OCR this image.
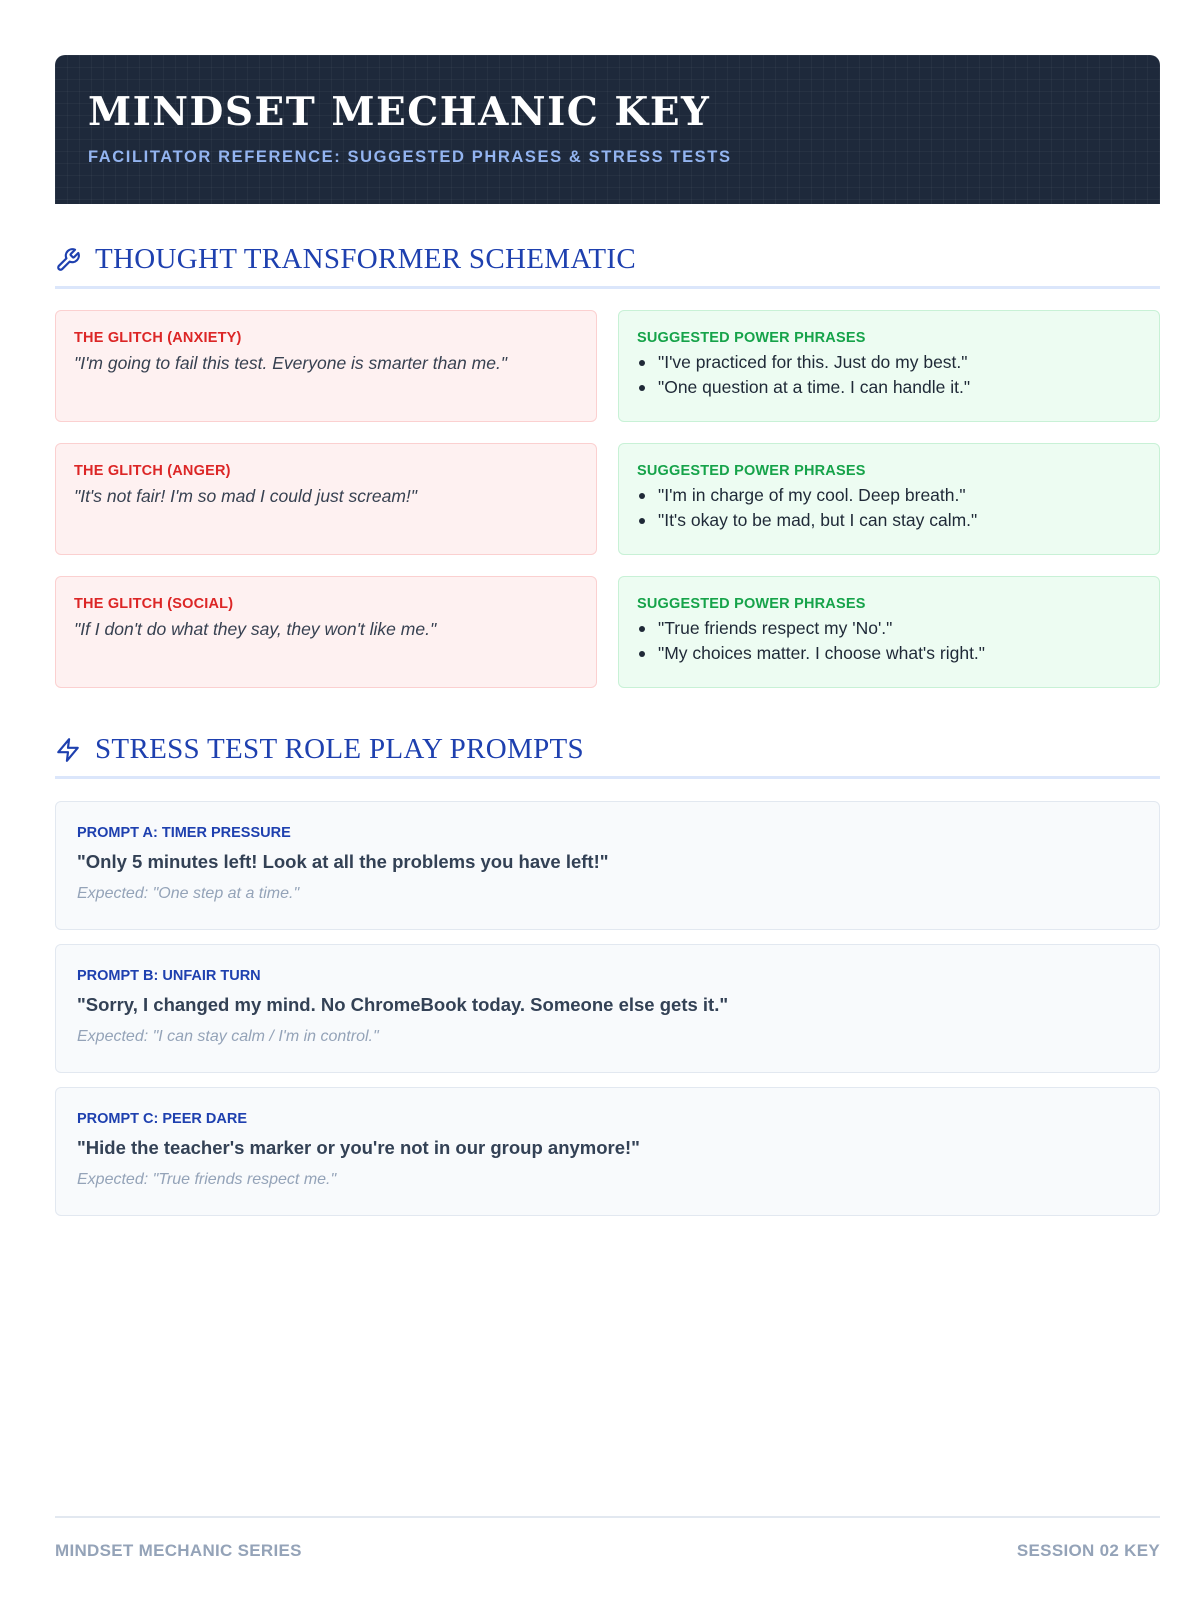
MINDSET MECHANIC KEY
FACILITATOR REFERENCE: SUGGESTED PHRASES & STRESS TESTS
THOUGHT TRANSFORMER SCHEMATIC
THE GLITCH (ANXIETY)
"I'm going to fail this test. Everyone is smarter than me."
SUGGESTED POWER PHRASES
"I've practiced for this. Just do my best."
"One question at a time. I can handle it."
THE GLITCH (ANGER)
"It's not fair! I'm so mad I could just scream!"
SUGGESTED POWER PHRASES
"I'm in charge of my cool. Deep breath."
"It's okay to be mad, but I can stay calm."
THE GLITCH (SOCIAL)
"If I don't do what they say, they won't like me."
SUGGESTED POWER PHRASES
"True friends respect my 'No'."
"My choices matter. I choose what's right."
STRESS TEST ROLE PLAY PROMPTS
PROMPT A: TIMER PRESSURE
"Only 5 minutes left! Look at all the problems you have left!"
Expected: "One step at a time."
PROMPT B: UNFAIR TURN
"Sorry, I changed my mind. No ChromeBook today. Someone else gets it."
Expected: "I can stay calm / I'm in control."
PROMPT C: PEER DARE
"Hide the teacher's marker or you're not in our group anymore!"
Expected: "True friends respect me."
MINDSET MECHANIC SERIES	SESSION 02 KEY
